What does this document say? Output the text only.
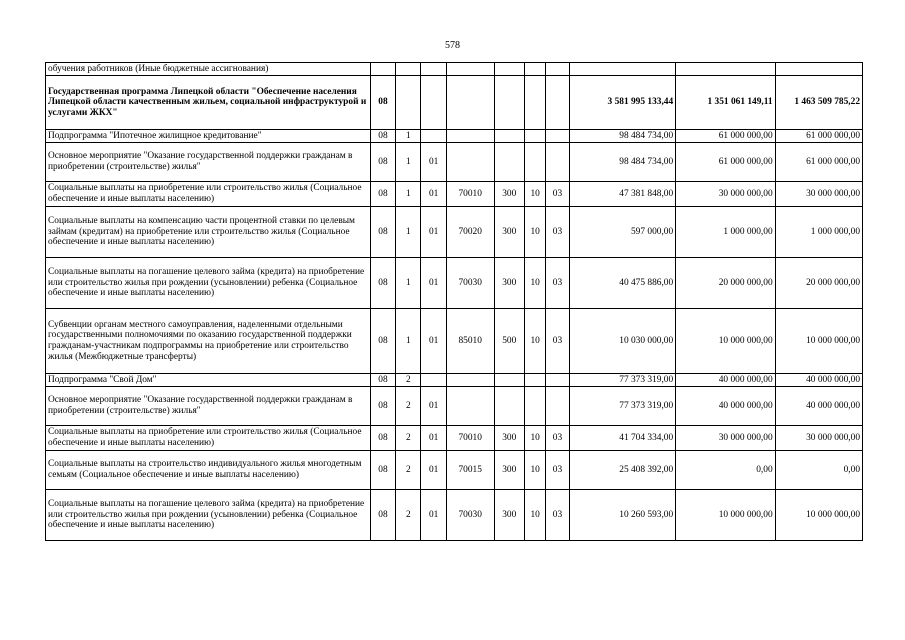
578
обучения работников (Иные бюджетные ассигнования)										
Государственная программа Липецкой области "Обеспечение населения Липецкой области качественным жильем, социальной инфраструктурой и услугами ЖКХ"	08							3 581 995 133,44	1 351 061 149,11	1 463 509 785,22
Подпрограмма "Ипотечное жилищное кредитование"	08	1						98 484 734,00	61 000 000,00	61 000 000,00
Основное мероприятие "Оказание государственной поддержки гражданам в приобретении (строительстве) жилья"	08	1	01					98 484 734,00	61 000 000,00	61 000 000,00
Социальные выплаты на приобретение или строительство жилья (Социальное обеспечение и иные выплаты населению)	08	1	01	70010	300	10	03	47 381 848,00	30 000 000,00	30 000 000,00
Социальные выплаты на компенсацию части процентной ставки по целевым займам (кредитам) на приобретение или строительство жилья (Социальное обеспечение и иные выплаты населению)	08	1	01	70020	300	10	03	597 000,00	1 000 000,00	1 000 000,00
Социальные выплаты на погашение целевого займа (кредита) на приобретение или строительство жилья при рождении (усыновлении) ребенка (Социальное обеспечение и иные выплаты населению)	08	1	01	70030	300	10	03	40 475 886,00	20 000 000,00	20 000 000,00
Субвенции органам местного самоуправления, наделенными отдельными государственными полномочиями по оказанию государственной поддержки гражданам-участникам подпрограммы на приобретение или строительство жилья (Межбюджетные трансферты)	08	1	01	85010	500	10	03	10 030 000,00	10 000 000,00	10 000 000,00
Подпрограмма "Свой Дом"	08	2						77 373 319,00	40 000 000,00	40 000 000,00
Основное мероприятие "Оказание государственной поддержки гражданам в приобретении (строительстве) жилья"	08	2	01					77 373 319,00	40 000 000,00	40 000 000,00
Социальные выплаты на приобретение или строительство жилья (Социальное обеспечение и иные выплаты населению)	08	2	01	70010	300	10	03	41 704 334,00	30 000 000,00	30 000 000,00
Социальные выплаты на строительство индивидуального жилья многодетным семьям (Социальное обеспечение и иные выплаты населению)	08	2	01	70015	300	10	03	25 408 392,00	0,00	0,00
Социальные выплаты на погашение целевого займа (кредита) на приобретение или строительство жилья при рождении (усыновлении) ребенка (Социальное обеспечение и иные выплаты населению)	08	2	01	70030	300	10	03	10 260 593,00	10 000 000,00	10 000 000,00
